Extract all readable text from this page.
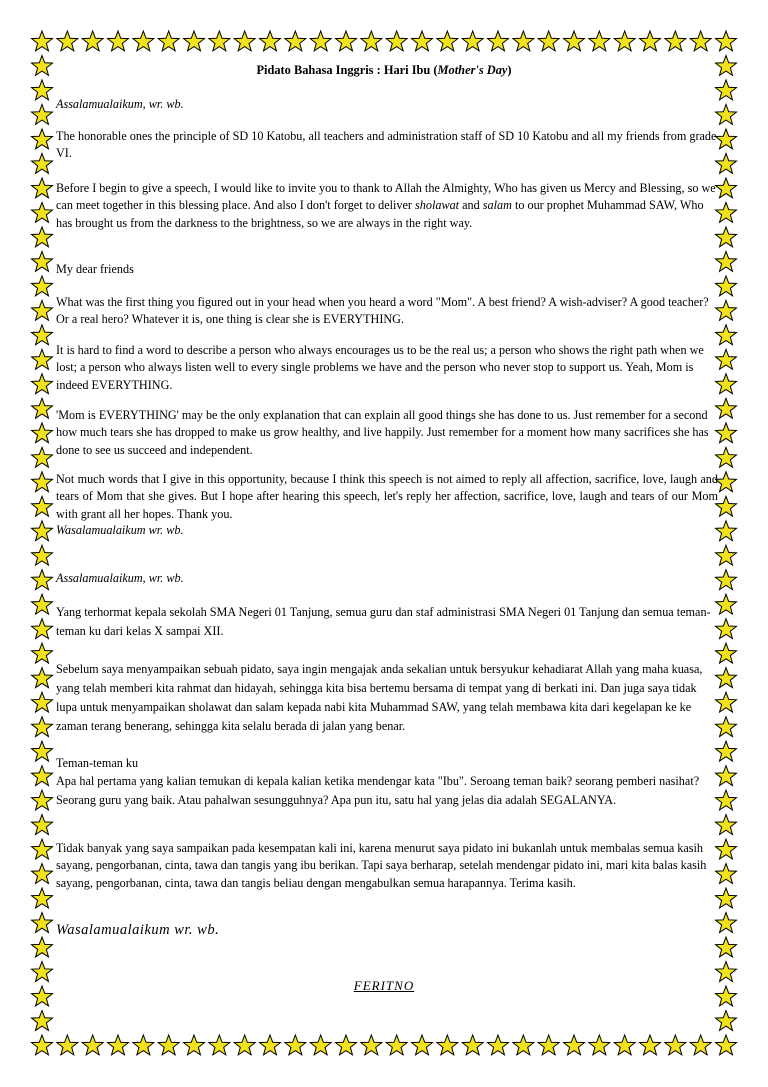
Pidato Bahasa Inggris : Hari Ibu (Mother's Day)

Assalamualaikum, wr. wb.

The honorable ones the principle of SD 10 Katobu, all teachers and administration staff of SD 10 Katobu and all my friends from grade VI.

Before I begin to give a speech, I would like to invite you to thank to Allah the Almighty, Who has given us Mercy and Blessing, so we can meet together in this blessing place. And also I don't forget to deliver sholawat and salam to our prophet Muhammad SAW, Who has brought us from the darkness to the brightness, so we are always in the right way.

My dear friends

What was the first thing you figured out in your head when you heard a word "Mom". A best friend? A wish-adviser? A good teacher? Or a real hero? Whatever it is, one thing is clear she is EVERYTHING.

It is hard to find a word to describe a person who always encourages us to be the real us; a person who shows the right path when we lost; a person who always listen well to every single problems we have and the person who never stop to support us. Yeah, Mom is indeed EVERYTHING.

'Mom is EVERYTHING' may be the only explanation that can explain all good things she has done to us. Just remember for a second how much tears she has dropped to make us grow healthy, and live happily. Just remember for a moment how many sacrifices she has done to see us succeed and independent.

Not much words that I give in this opportunity, because I think this speech is not aimed to reply all affection, sacrifice, love, laugh and tears of Mom that she gives. But I hope after hearing this speech, let's reply her affection, sacrifice, love, laugh and tears of our Mom with grant all her hopes. Thank you.

Wasalamualaikum wr. wb.

Assalamualaikum, wr. wb.

Yang terhormat kepala sekolah SMA Negeri 01 Tanjung, semua guru dan staf administrasi SMA Negeri 01 Tanjung dan semua teman-teman ku dari kelas X sampai XII.

Sebelum saya menyampaikan sebuah pidato, saya ingin mengajak anda sekalian untuk bersyukur kehadiarat Allah yang maha kuasa, yang telah memberi kita rahmat dan hidayah, sehingga kita bisa bertemu bersama di tempat yang di berkati ini. Dan juga saya tidak lupa untuk menyampaikan sholawat dan salam kepada nabi kita Muhammad SAW, yang telah membawa kita dari kegelapan ke ke zaman terang benerang, sehingga kita selalu berada di jalan yang benar.

Teman-teman ku

Apa hal pertama yang kalian temukan di kepala kalian ketika mendengar kata "Ibu". Seroang teman baik? seorang pemberi nasihat? Seorang guru yang baik. Atau pahalwan sesungguhnya? Apa pun itu, satu hal yang jelas dia adalah SEGALANYA.

Tidak banyak yang saya sampaikan pada kesempatan kali ini, karena menurut saya pidato ini bukanlah untuk membalas semua kasih sayang, pengorbanan, cinta, tawa dan tangis yang ibu berikan. Tapi saya berharap, setelah mendengar pidato ini, mari kita balas kasih sayang, pengorbanan, cinta, tawa dan tangis beliau dengan mengabulkan semua harapannya. Terima kasih.

Wasalamualaikum wr. wb.
FERITNO
